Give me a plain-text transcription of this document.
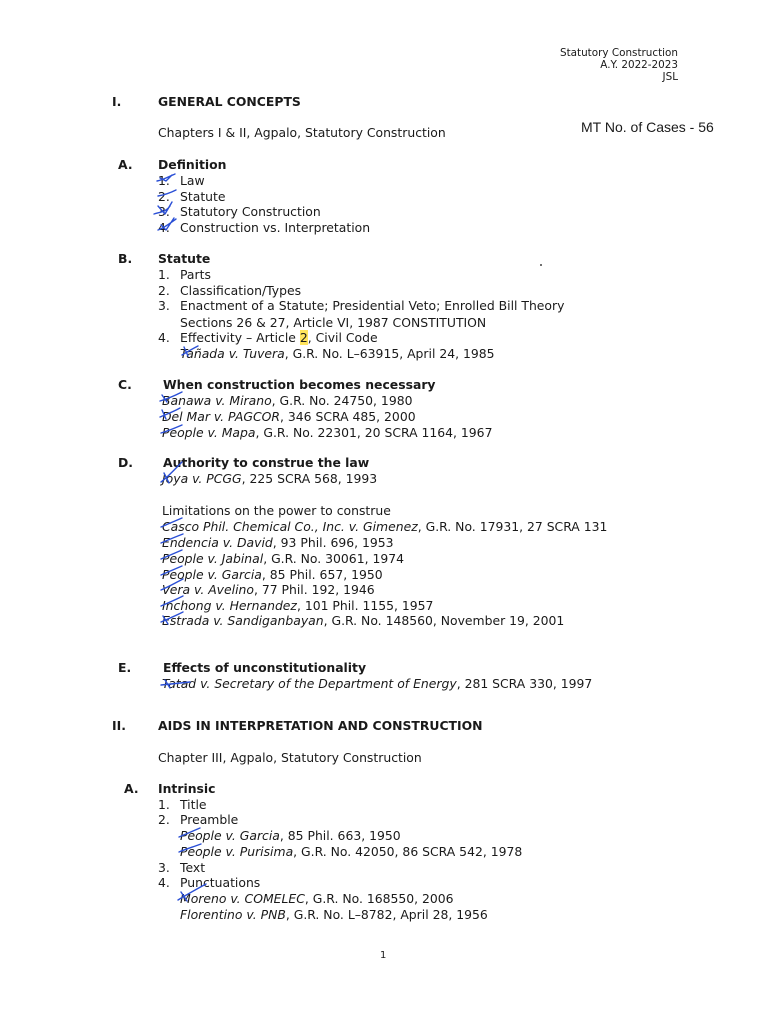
Statutory Construction
A.Y. 2022-2023
JSL
I.	GENERAL CONCEPTS
Chapters I & II, Agpalo, Statutory Construction	MT No. of Cases - 56
A. Definition
1. Law
2. Statute
3. Statutory Construction
4. Construction vs. Interpretation
B. Statute
1. Parts
2. Classification/Types
3. Enactment of a Statute; Presidential Veto; Enrolled Bill Theory
Sections 26 & 27, Article VI, 1987 CONSTITUTION
4. Effectivity – Article 2, Civil Code
Tañada v. Tuvera, G.R. No. L–63915, April 24, 1985
C.	When construction becomes necessary
Banawa v. Mirano, G.R. No. 24750, 1980
Del Mar v. PAGCOR, 346 SCRA 485, 2000
People v. Mapa, G.R. No. 22301, 20 SCRA 1164, 1967
D. Authority to construe the law
Joya v. PCGG, 225 SCRA 568, 1993
Limitations on the power to construe
Casco Phil. Chemical Co., Inc. v. Gimenez, G.R. No. 17931, 27 SCRA 131
Endencia v. David, 93 Phil. 696, 1953
People v. Jabinal, G.R. No. 30061, 1974
People v. Garcia, 85 Phil. 657, 1950
Vera v. Avelino, 77 Phil. 192, 1946
Inchong v. Hernandez, 101 Phil. 1155, 1957
Estrada v. Sandiganbayan, G.R. No. 148560, November 19, 2001
E.	Effects of unconstitutionality
Tatad v. Secretary of the Department of Energy, 281 SCRA 330, 1997
II.	AIDS IN INTERPRETATION AND CONSTRUCTION
Chapter III, Agpalo, Statutory Construction
A. Intrinsic
1. Title
2. Preamble
People v. Garcia, 85 Phil. 663, 1950
People v. Purisima, G.R. No. 42050, 86 SCRA 542, 1978
3. Text
4. Punctuations
Moreno v. COMELEC, G.R. No. 168550, 2006
Florentino v. PNB, G.R. No. L–8782, April 28, 1956
1
